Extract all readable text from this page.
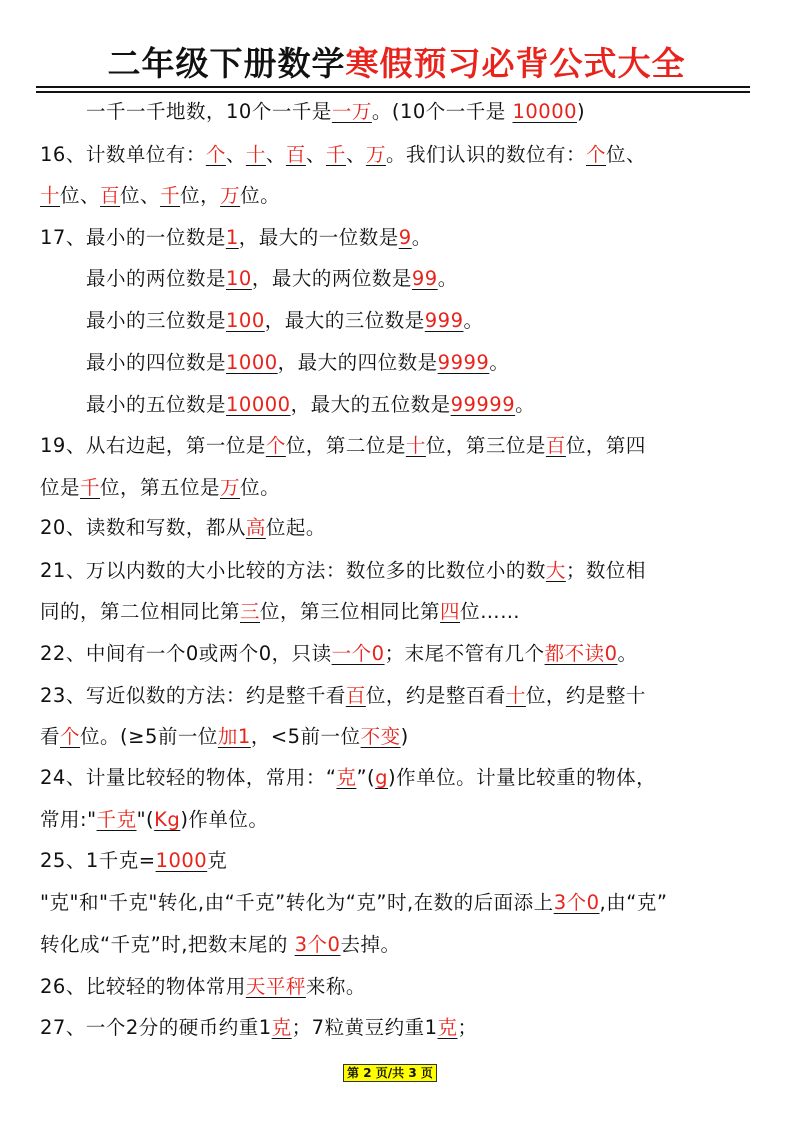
二年级下册数学寒假预习必背公式大全
一千一千地数，10个一千是一万。(10个一千是 10000)
16、计数单位有：个、十、百、千、万。我们认识的数位有：个位、
十位、百位、千位，万位。
17、最小的一位数是1，最大的一位数是9。
最小的两位数是10，最大的两位数是99。
最小的三位数是100，最大的三位数是999。
最小的四位数是1000，最大的四位数是9999。
最小的五位数是10000，最大的五位数是99999。
19、从右边起，第一位是个位，第二位是十位，第三位是百位，第四
位是千位，第五位是万位。
20、读数和写数，都从高位起。
21、万以内数的大小比较的方法：数位多的比数位小的数大；数位相
同的，第二位相同比第三位，第三位相同比第四位……
22、中间有一个0或两个0，只读一个0；末尾不管有几个都不读0。
23、写近似数的方法：约是整千看百位，约是整百看十位，约是整十
看个位。(≥5前一位加1，<5前一位不变)
24、计量比较轻的物体，常用：“克”(g)作单位。计量比较重的物体，
常用:"千克"(Kg)作单位。
25、1千克=1000克
"克"和"千克"转化,由“千克”转化为“克”时,在数的后面添上3个0,由“克”
转化成“千克”时,把数末尾的 3个0去掉。
26、比较轻的物体常用天平秤来称。
27、一个2分的硬币约重1克；7粒黄豆约重1克；
第 2 页/共 3 页
